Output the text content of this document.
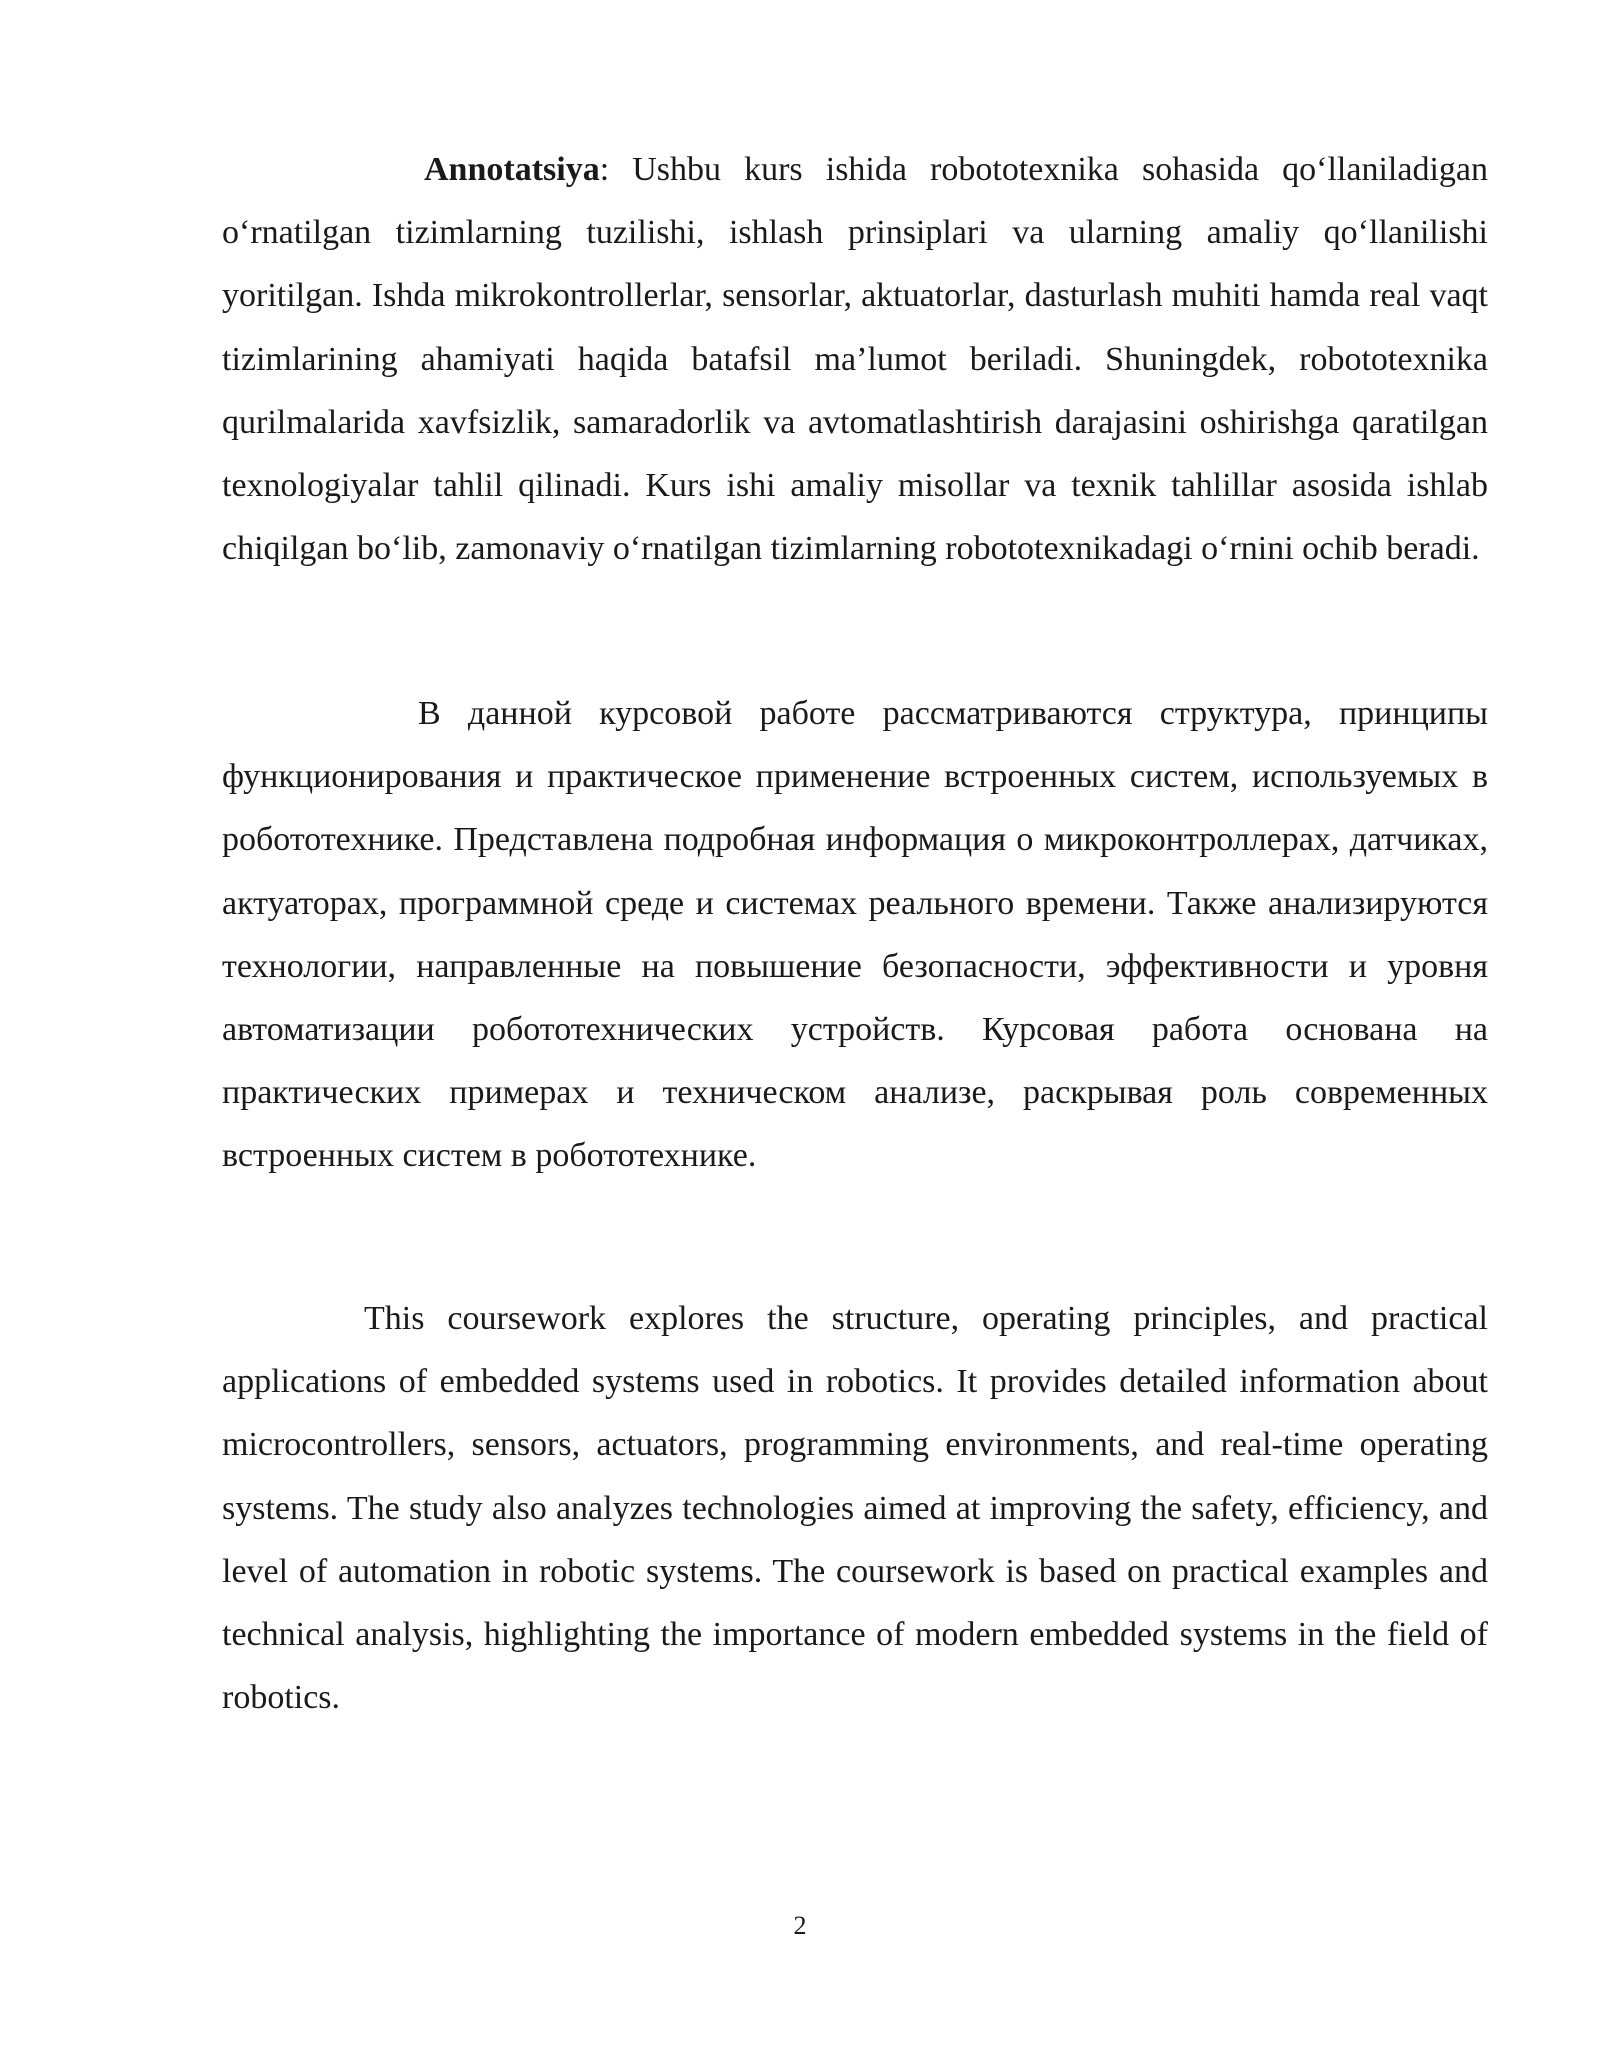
Annotatsiya: Ushbu kurs ishida robototexnika sohasida qo‘llaniladigan o‘rnatilgan tizimlarning tuzilishi, ishlash prinsiplari va ularning amaliy qo‘llanilishi yoritilgan. Ishda mikrokontrollerlar, sensorlar, aktuatorlar, dasturlash muhiti hamda real vaqt tizimlarining ahamiyati haqida batafsil ma’lumot beriladi. Shuningdek, robototexnika qurilmalarida xavfsizlik, samaradorlik va avtomatlashtirish darajasini oshirishga qaratilgan texnologiyalar tahlil qilinadi. Kurs ishi amaliy misollar va texnik tahlillar asosida ishlab chiqilgan bo‘lib, zamonaviy o‘rnatilgan tizimlarning robototexnikadagi o‘rnini ochib beradi.

В данной курсовой работе рассматриваются структура, принципы функционирования и практическое применение встроенных систем, используемых в робототехнике. Представлена подробная информация о микроконтроллерах, датчиках, актуаторах, программной среде и системах реального времени. Также анализируются технологии, направленные на повышение безопасности, эффективности и уровня автоматизации робототехнических устройств. Курсовая работа основана на практических примерах и техническом анализе, раскрывая роль современных встроенных систем в робототехнике.

This coursework explores the structure, operating principles, and practical applications of embedded systems used in robotics. It provides detailed information about microcontrollers, sensors, actuators, programming environments, and real-time operating systems. The study also analyzes technologies aimed at improving the safety, efficiency, and level of automation in robotic systems. The coursework is based on practical examples and technical analysis, highlighting the importance of modern embedded systems in the field of robotics.

2
